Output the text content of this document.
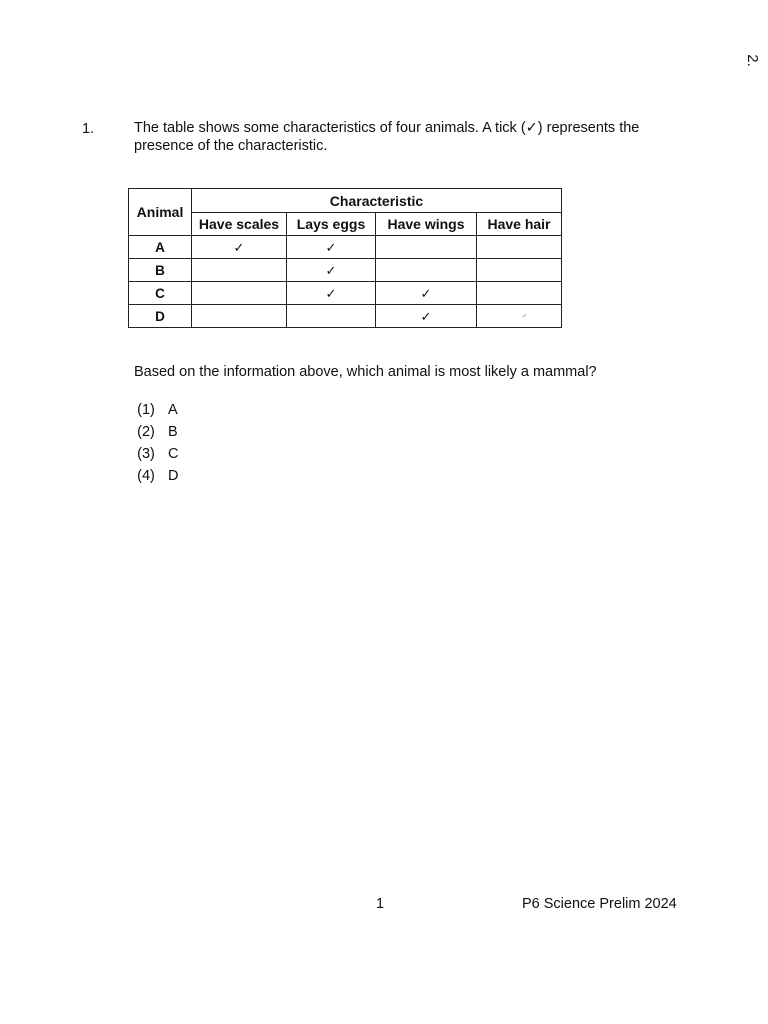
2.
1.	The table shows some characteristics of four animals. A tick (✓) represents the presence of the characteristic.
Animal	Characteristic			
	Have scales	Lays eggs	Have wings	Have hair
A	✓	✓		
B		✓		
C		✓	✓	
D			✓	
Based on the information above, which animal is most likely a mammal?
(1) A
(2) B
(3) C
(4) D
1	P6 Science Prelim 2024
